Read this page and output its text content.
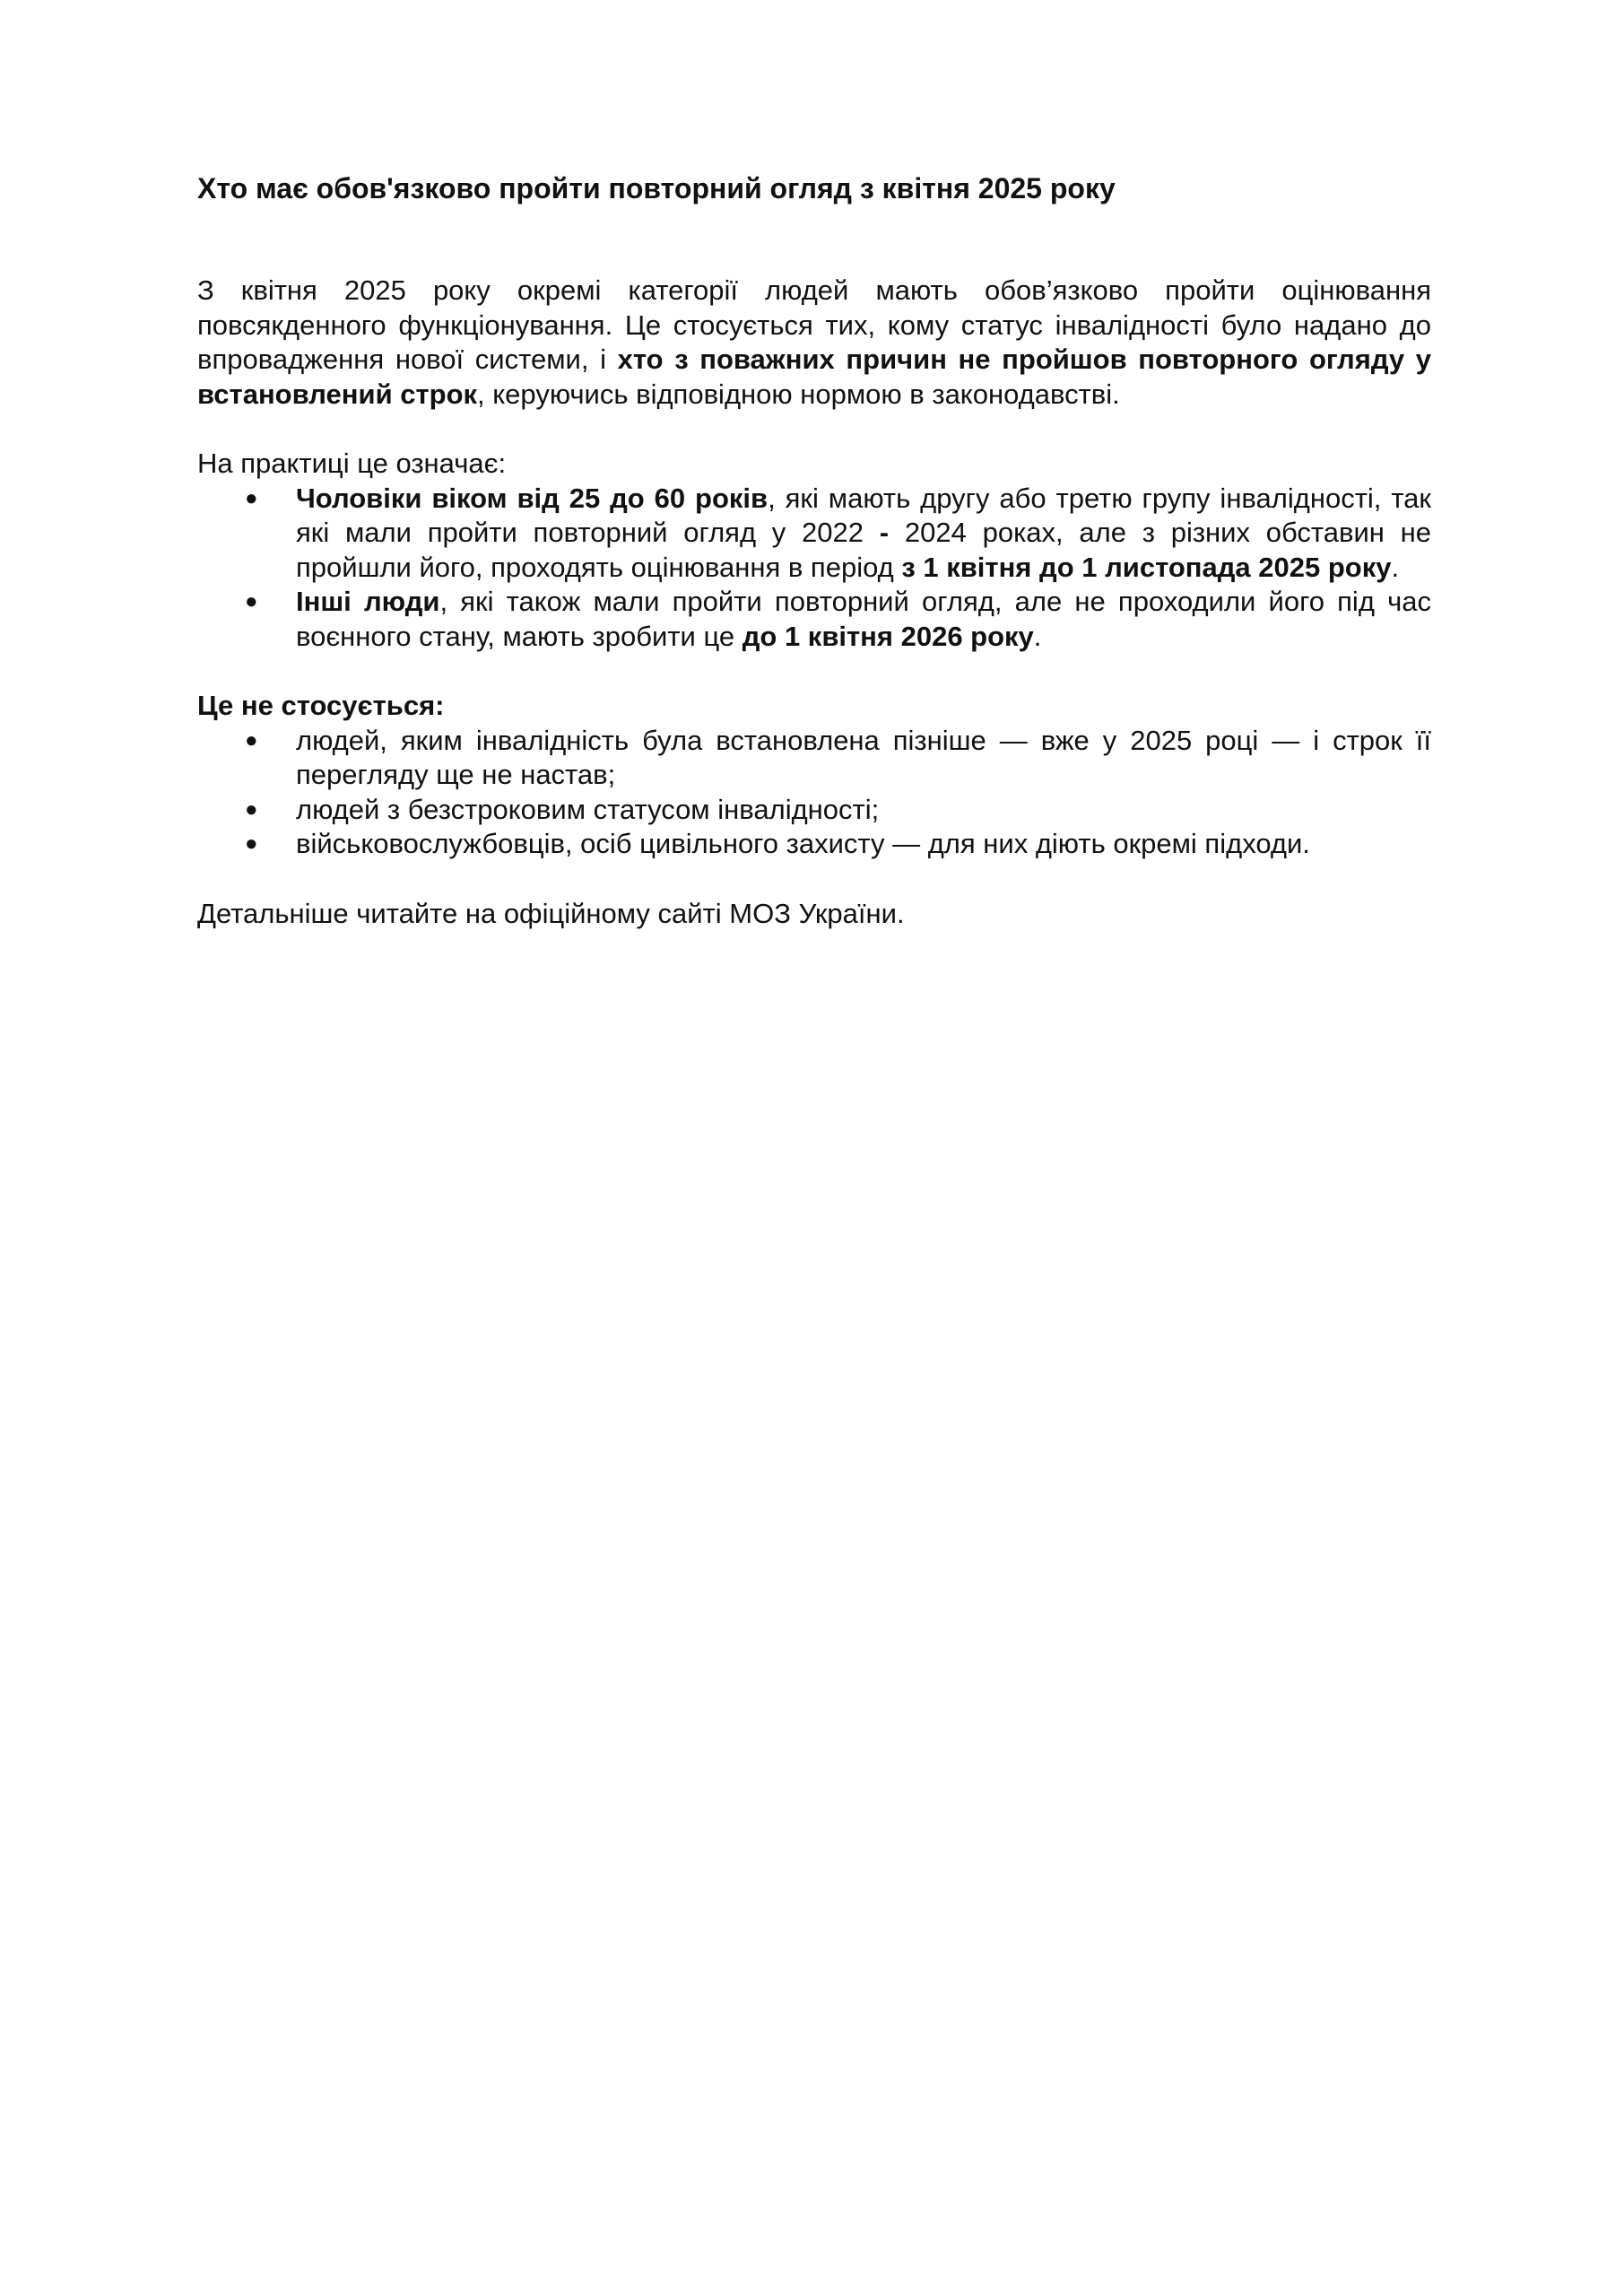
Хто має обов'язково пройти повторний огляд з квітня 2025 року

З квітня 2025 року окремі категорії людей мають обов’язково пройти оцінювання повсякденного функціонування. Це стосується тих, кому статус інвалідності було надано до впровадження нової системи, і хто з поважних причин не пройшов повторного огляду у встановлений строк, керуючись відповідною нормою в законодавстві.

На практиці це означає:

● Чоловіки віком від 25 до 60 років, які мають другу або третю групу інвалідності, так які мали пройти повторний огляд у 2022 - 2024 роках, але з різних обставин не пройшли його, проходять оцінювання в період з 1 квітня до 1 листопада 2025 року.
● Інші люди, які також мали пройти повторний огляд, але не проходили його під час воєнного стану, мають зробити це до 1 квітня 2026 року.

Це не стосується:

● людей, яким інвалідність була встановлена пізніше — вже у 2025 році — і строк її перегляду ще не настав;
● людей з безстроковим статусом інвалідності;
● військовослужбовців, осіб цивільного захисту — для них діють окремі підходи.

Детальніше читайте на офіційному сайті МОЗ України.
